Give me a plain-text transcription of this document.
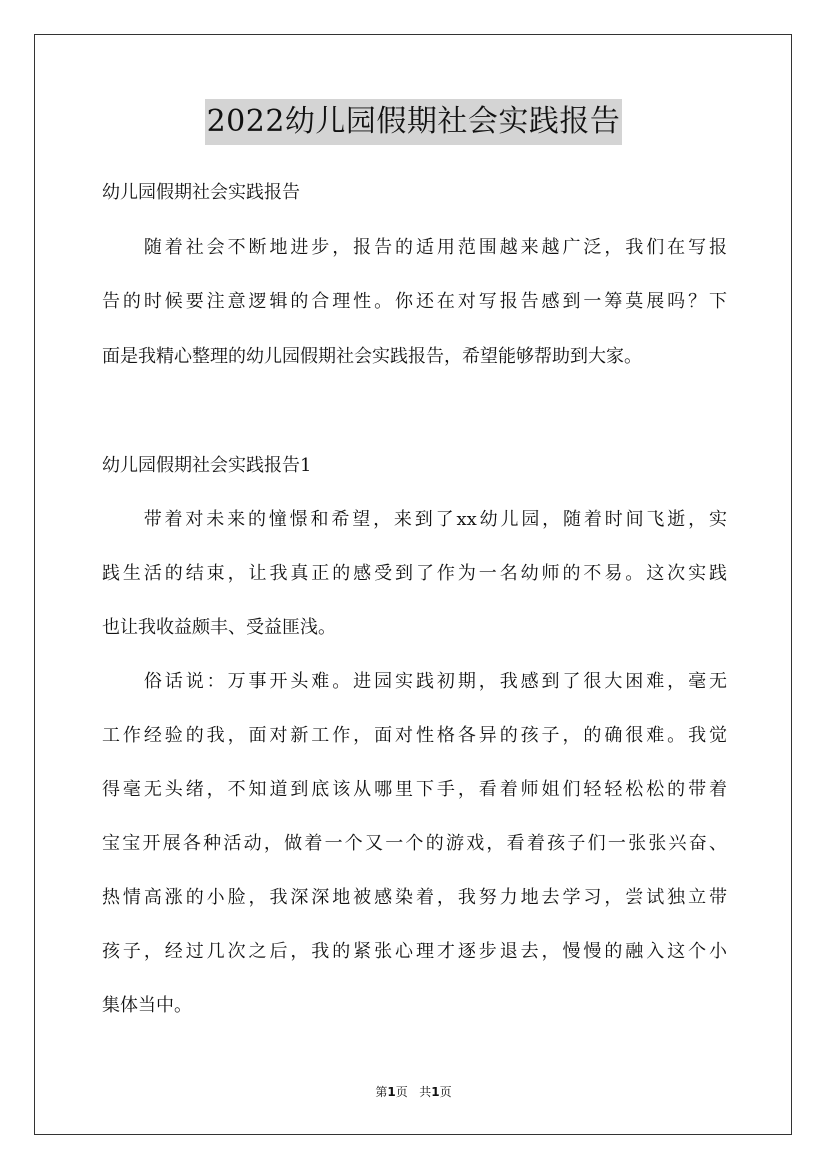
2022幼儿园假期社会实践报告
幼儿园假期社会实践报告
　　随着社会不断地进步，报告的适用范围越来越广泛，我们在写报
告的时候要注意逻辑的合理性。你还在对写报告感到一筹莫展吗？下
面是我精心整理的幼儿园假期社会实践报告，希望能够帮助到大家。
幼儿园假期社会实践报告1
　　带着对未来的憧憬和希望，来到了xx幼儿园，随着时间飞逝，实
践生活的结束，让我真正的感受到了作为一名幼师的不易。这次实践
也让我收益颇丰、受益匪浅。
　　俗话说：万事开头难。进园实践初期，我感到了很大困难，毫无
工作经验的我，面对新工作，面对性格各异的孩子，的确很难。我觉
得毫无头绪，不知道到底该从哪里下手，看着师姐们轻轻松松的带着
宝宝开展各种活动，做着一个又一个的游戏，看着孩子们一张张兴奋、
热情高涨的小脸，我深深地被感染着，我努力地去学习，尝试独立带
孩子，经过几次之后，我的紧张心理才逐步退去，慢慢的融入这个小
集体当中。
第1页 共1页
